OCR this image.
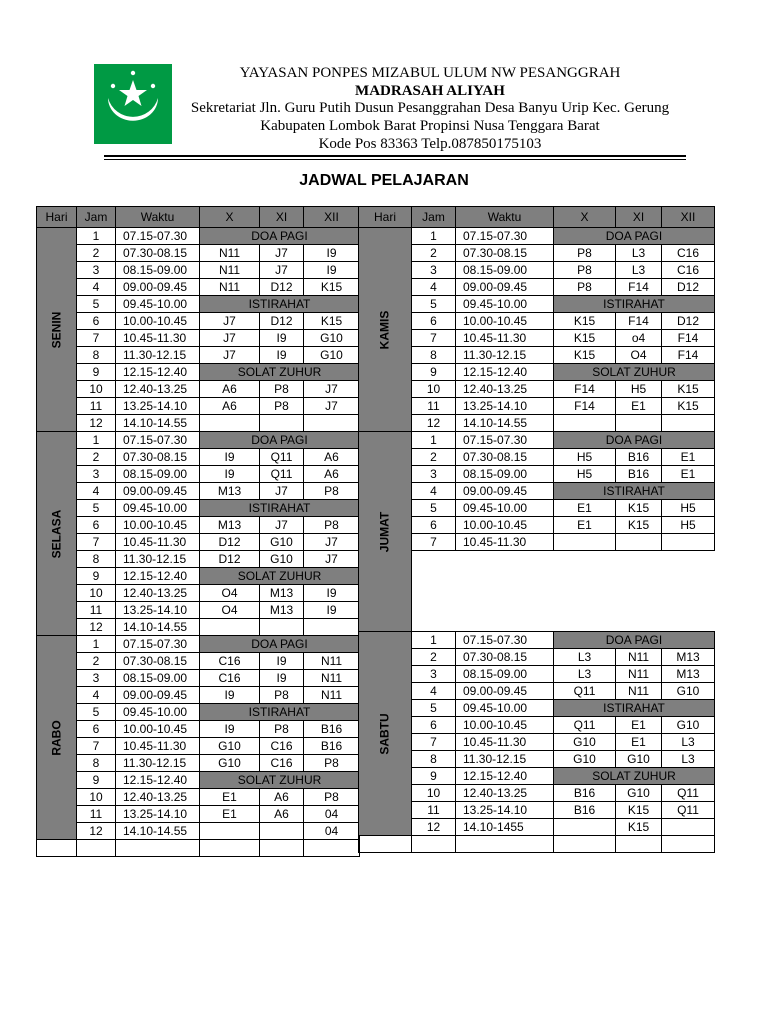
YAYASAN PONPES MIZABUL ULUM NW PESANGGRAH
MADRASAH ALIYAH
Sekretariat Jln. Guru Putih Dusun Pesanggrahan Desa Banyu Urip Kec. Gerung
Kabupaten Lombok Barat Propinsi Nusa Tenggara Barat
Kode Pos 83363 Telp.087850175103
JADWAL PELAJARAN
Hari	Jam	Waktu	X	XI	XII

SENIN	1	07.15-07.30	DOA PAGI		
	2	07.30-08.15	N11	J7	I9
	3	08.15-09.00	N11	J7	I9
	4	09.00-09.45	N11	D12	K15
	5	09.45-10.00	ISTIRAHAT		
	6	10.00-10.45	J7	D12	K15
	7	10.45-11.30	J7	I9	G10
	8	11.30-12.15	J7	I9	G10
	9	12.15-12.40	SOLAT ZUHUR		
	10	12.40-13.25	A6	P8	J7
	11	13.25-14.10	A6	P8	J7
	12	14.10-14.55			

SELASA	1	07.15-07.30	DOA PAGI		
	2	07.30-08.15	I9	Q11	A6
	3	08.15-09.00	I9	Q11	A6
	4	09.00-09.45	M13	J7	P8
	5	09.45-10.00	ISTIRAHAT		
	6	10.00-10.45	M13	J7	P8
	7	10.45-11.30	D12	G10	J7
	8	11.30-12.15	D12	G10	J7
	9	12.15-12.40	SOLAT ZUHUR		
	10	12.40-13.25	O4	M13	I9
	11	13.25-14.10	O4	M13	I9
	12	14.10-14.55			

RABO	1	07.15-07.30	DOA PAGI		
	2	07.30-08.15	C16	I9	N11
	3	08.15-09.00	C16	I9	N11
	4	09.00-09.45	I9	P8	N11
	5	09.45-10.00	ISTIRAHAT		
	6	10.00-10.45	I9	P8	B16
	7	10.45-11.30	G10	C16	B16
	8	11.30-12.15	G10	C16	P8
	9	12.15-12.40	SOLAT ZUHUR		
	10	12.40-13.25	E1	A6	P8
	11	13.25-14.10	E1	A6	04
	12	14.10-14.55			04

Hari	Jam	Waktu	X	XI	XII

KAMIS	1	07.15-07.30	DOA PAGI		
	2	07.30-08.15	P8	L3	C16
	3	08.15-09.00	P8	L3	C16
	4	09.00-09.45	P8	F14	D12
	5	09.45-10.00	ISTIRAHAT		
	6	10.00-10.45	K15	F14	D12
	7	10.45-11.30	K15	o4	F14
	8	11.30-12.15	K15	O4	F14
	9	12.15-12.40	SOLAT ZUHUR		
	10	12.40-13.25	F14	H5	K15
	11	13.25-14.10	F14	E1	K15
	12	14.10-14.55			

JUMAT	1	07.15-07.30	DOA PAGI		
	2	07.30-08.15	H5	B16	E1
	3	08.15-09.00	H5	B16	E1
	4	09.00-09.45	ISTIRAHAT		
	5	09.45-10.00	E1	K15	H5
	6	10.00-10.45	E1	K15	H5
	7	10.45-11.30			

SABTU	1	07.15-07.30	DOA PAGI		
	2	07.30-08.15	L3	N11	M13
	3	08.15-09.00	L3	N11	M13
	4	09.00-09.45	Q11	N11	G10
	5	09.45-10.00	ISTIRAHAT		
	6	10.00-10.45	Q11	E1	G10
	7	10.45-11.30	G10	E1	L3
	8	11.30-12.15	G10	G10	L3
	9	12.15-12.40	SOLAT ZUHUR		
	10	12.40-13.25	B16	G10	Q11
	11	13.25-14.10	B16	K15	Q11
	12	14.10-1455		K15	
